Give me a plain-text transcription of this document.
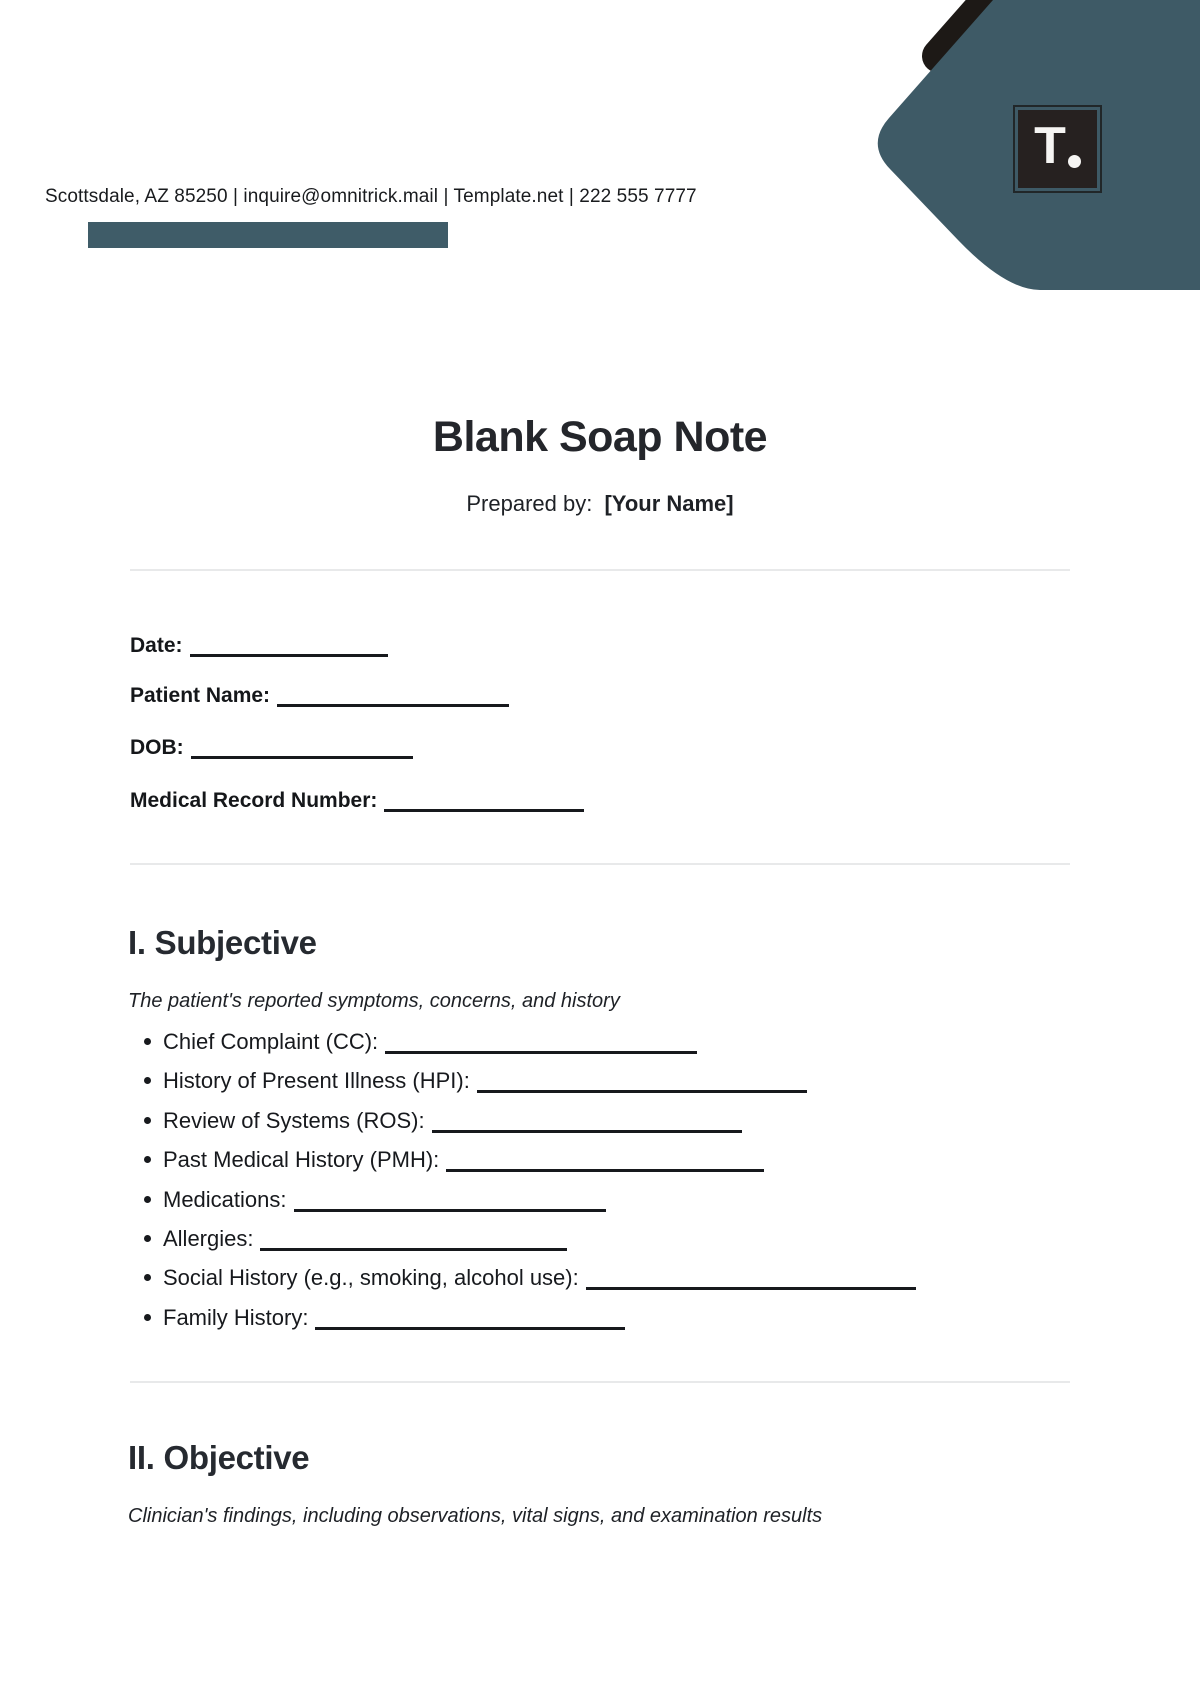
Scottsdale, AZ 85250 | inquire@omnitrick.mail | Template.net | 222 555 7777
T
Blank Soap Note
Prepared by: [Your Name]
Date:
Patient Name:
DOB:
Medical Record Number:
I. Subjective
The patient's reported symptoms, concerns, and history
Chief Complaint (CC):
History of Present Illness (HPI):
Review of Systems (ROS):
Past Medical History (PMH):
Medications:
Allergies:
Social History (e.g., smoking, alcohol use):
Family History:
II. Objective
Clinician's findings, including observations, vital signs, and examination results
